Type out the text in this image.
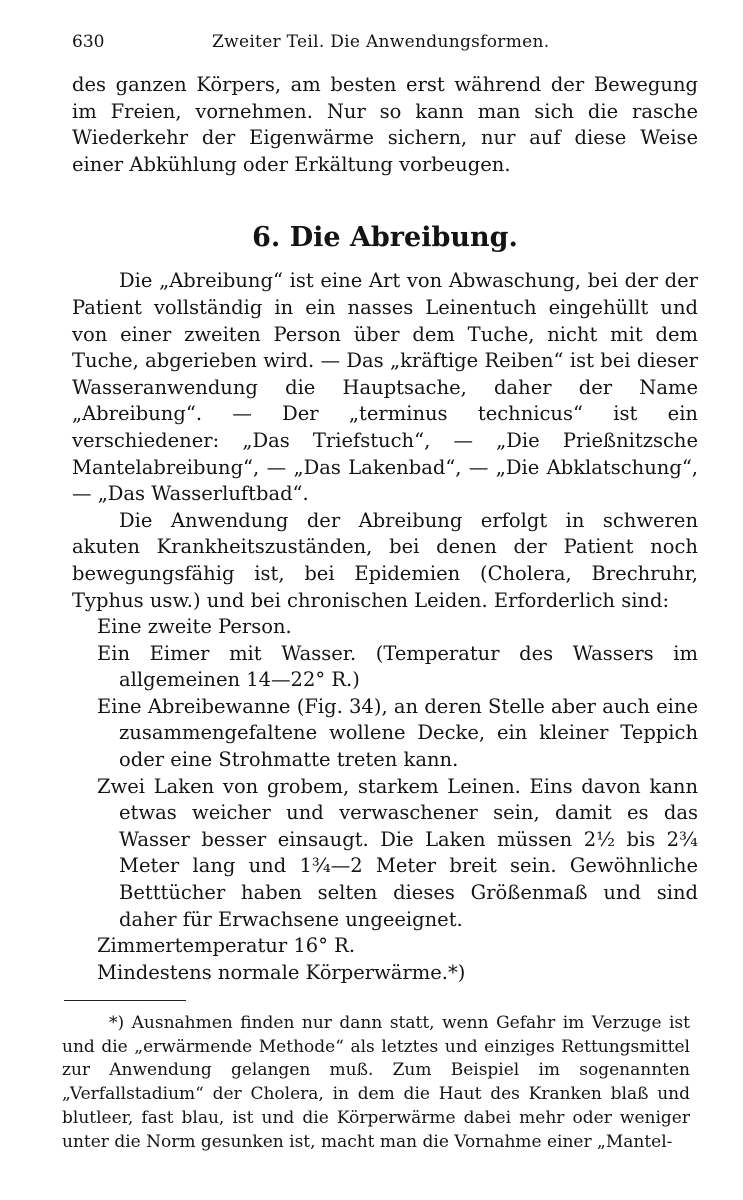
630	Zweiter Teil. Die Anwendungsformen.

des ganzen Körpers, am besten erst während der Bewegung im Freien, vornehmen. Nur so kann man sich die rasche Wiederkehr der Eigenwärme sichern, nur auf diese Weise einer Abkühlung oder Erkältung vorbeugen.

6. Die Abreibung.

Die „Abreibung“ ist eine Art von Abwaschung, bei der der Patient vollständig in ein nasses Leinentuch eingehüllt und von einer zweiten Person über dem Tuche, nicht mit dem Tuche, abgerieben wird. — Das „kräftige Reiben“ ist bei dieser Wasseranwendung die Hauptsache, daher der Name „Abreibung“. — Der „terminus technicus“ ist ein verschiedener: „Das Triefstuch“, — „Die Prießnitzsche Mantelabreibung“, — „Das Lakenbad“, — „Die Abklatschung“, — „Das Wasserluftbad“.

Die Anwendung der Abreibung erfolgt in schweren akuten Krankheitszuständen, bei denen der Patient noch bewegungsfähig ist, bei Epidemien (Cholera, Brechruhr, Typhus usw.) und bei chronischen Leiden. Erforderlich sind:

Eine zweite Person.
Ein Eimer mit Wasser. (Temperatur des Wassers im allgemeinen 14—22° R.)
Eine Abreibewanne (Fig. 34), an deren Stelle aber auch eine zusammengefaltene wollene Decke, ein kleiner Teppich oder eine Strohmatte treten kann.
Zwei Laken von grobem, starkem Leinen. Eins davon kann etwas weicher und verwaschener sein, damit es das Wasser besser einsaugt. Die Laken müssen 2½ bis 2¾ Meter lang und 1¾—2 Meter breit sein. Gewöhnliche Betttücher haben selten dieses Größenmaß und sind daher für Erwachsene ungeeignet.
Zimmertemperatur 16° R.
Mindestens normale Körperwärme.*)

*) Ausnahmen finden nur dann statt, wenn Gefahr im Verzuge ist und die „erwärmende Methode“ als letztes und einziges Rettungsmittel zur Anwendung gelangen muß. Zum Beispiel im sogenannten „Verfallstadium“ der Cholera, in dem die Haut des Kranken blaß und blutleer, fast blau, ist und die Körperwärme dabei mehr oder weniger unter die Norm gesunken ist, macht man die Vornahme einer „Mantel-
